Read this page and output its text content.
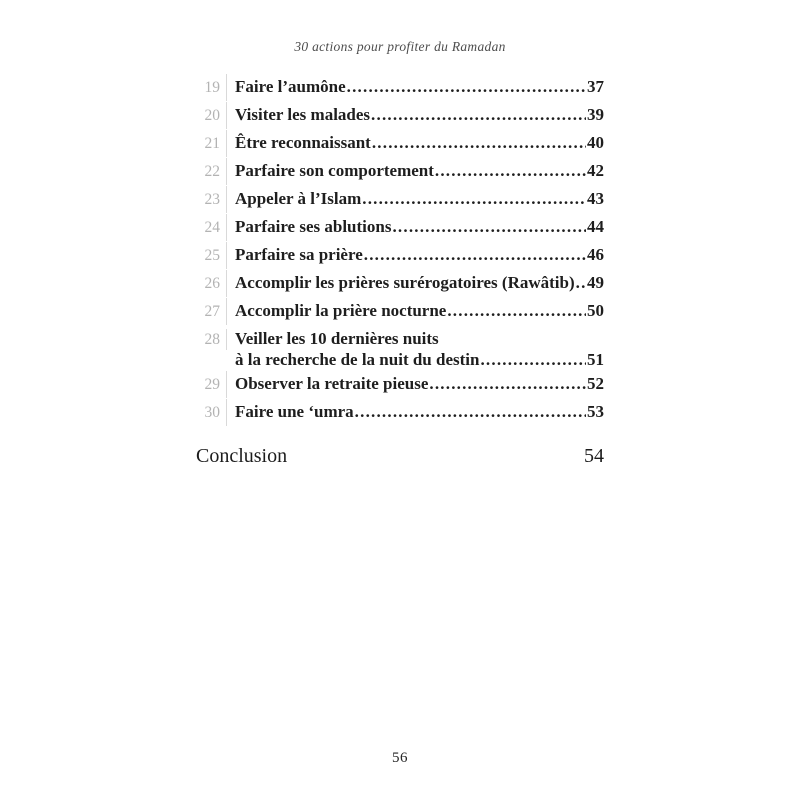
30 actions pour profiter du Ramadan
19 Faire l’aumône .....	37
20 Visiter les malades .....	39
21 Être reconnaissant .....	40
22 Parfaire son comportement .....	42
23 Appeler à l’Islam .....	43
24 Parfaire ses ablutions .....	44
25 Parfaire sa prière .....	46
26 Accomplir les prières surérogatoires (Rawâtib) ..... 49
27 Accomplir la prière nocturne .....	50
28 Veiller les 10 dernières nuits
à la recherche de la nuit du destin .....	51
29 Observer la retraite pieuse .....	52
30 Faire une ‘umra .....	53
Conclusion	54
56
